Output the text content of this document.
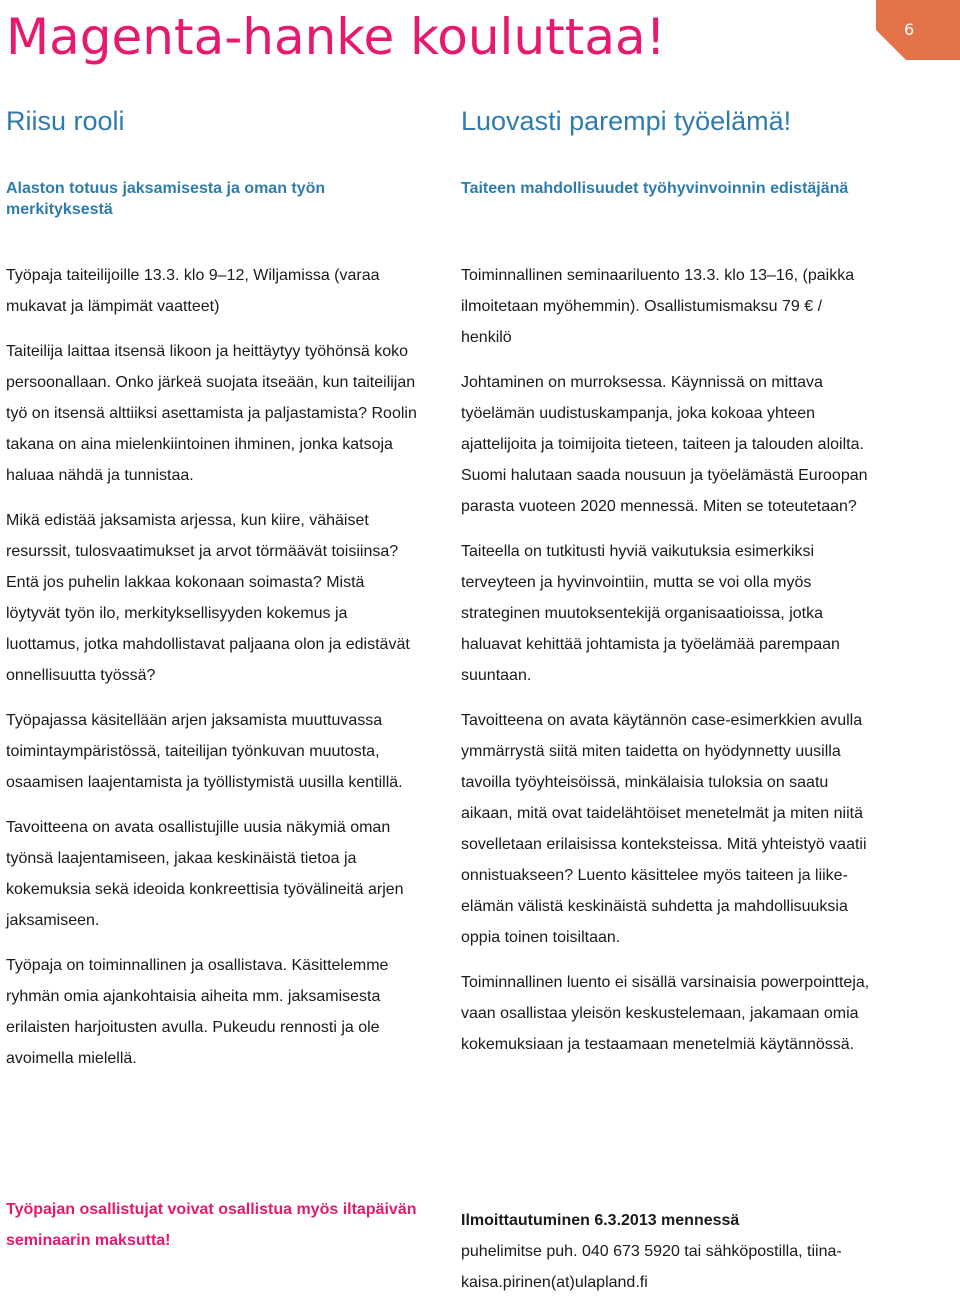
Magenta-hanke kouluttaa!	6
Riisu rooli
Alaston totuus jaksamisesta ja oman työn merkityksestä

Työpaja taiteilijoille 13.3. klo 9–12, Wiljamissa (varaa mukavat ja lämpimät vaatteet)

Taiteilija laittaa itsensä likoon ja heittäytyy työhönsä koko persoonallaan. Onko järkeä suojata itseään, kun taiteilijan työ on itsensä alttiiksi asettamista ja paljastamista? Roolin takana on aina mielenkiintoinen ihminen, jonka katsoja haluaa nähdä ja tunnistaa.

Mikä edistää jaksamista arjessa, kun kiire, vähäiset resurssit, tulosvaatimukset ja arvot törmäävät toisiinsa? Entä jos puhelin lakkaa kokonaan soimasta? Mistä löytyvät työn ilo, merkityksellisyyden kokemus ja luottamus, jotka mahdollistavat paljaana olon ja edistävät onnellisuutta työssä?

Työpajassa käsitellään arjen jaksamista muuttuvassa toimintaympäristössä, taiteilijan työnkuvan muutosta, osaamisen laajentamista ja työllistymistä uusilla kentillä.

Tavoitteena on avata osallistujille uusia näkymiä oman työnsä laajentamiseen, jakaa keskinäistä tietoa ja kokemuksia sekä ideoida konkreettisia työvälineitä arjen jaksamiseen.

Työpaja on toiminnallinen ja osallistava. Käsittelemme ryhmän omia ajankohtaisia aiheita mm. jaksamisesta erilaisten harjoitusten avulla. Pukeudu rennosti ja ole avoimella mielellä.

Luovasti parempi työelämä!
Taiteen mahdollisuudet työhyvinvoinnin edistäjänä

Toiminnallinen seminaariluento 13.3. klo 13–16, (paikka ilmoitetaan myöhemmin). Osallistumismaksu 79 € / henkilö

Johtaminen on murroksessa. Käynnissä on mittava työelämän uudistuskampanja, joka kokoaa yhteen ajattelijoita ja toimijoita tieteen, taiteen ja talouden aloilta. Suomi halutaan saada nousuun ja työelämästä Euroopan parasta vuoteen 2020 mennessä. Miten se toteutetaan?

Taiteella on tutkitusti hyviä vaikutuksia esimerkiksi terveyteen ja hyvinvointiin, mutta se voi olla myös strateginen muutoksentekijä organisaatioissa, jotka haluavat kehittää johtamista ja työelämää parempaan suuntaan.

Tavoitteena on avata käytännön case-esimerkkien avulla ymmärrystä siitä miten taidetta on hyödynnetty uusilla tavoilla työyhteisöissä, minkälaisia tuloksia on saatu aikaan, mitä ovat taidelähtöiset menetelmät ja miten niitä sovelletaan erilaisissa konteksteissa. Mitä yhteistyö vaatii onnistuakseen? Luento käsittelee myös taiteen ja liike-elämän välistä keskinäistä suhdetta ja mahdollisuuksia oppia toinen toisiltaan.

Toiminnallinen luento ei sisällä varsinaisia powerpointteja, vaan osallistaa yleisön keskustelemaan, jakamaan omia kokemuksiaan ja testaamaan menetelmiä käytännössä.

Työpajan osallistujat voivat osallistua myös iltapäivän seminaarin maksutta!
Ilmoittautuminen 6.3.2013 mennessä
puhelimitse puh. 040 673 5920 tai sähköpostilla, tiina-kaisa.pirinen(at)ulapland.fi
